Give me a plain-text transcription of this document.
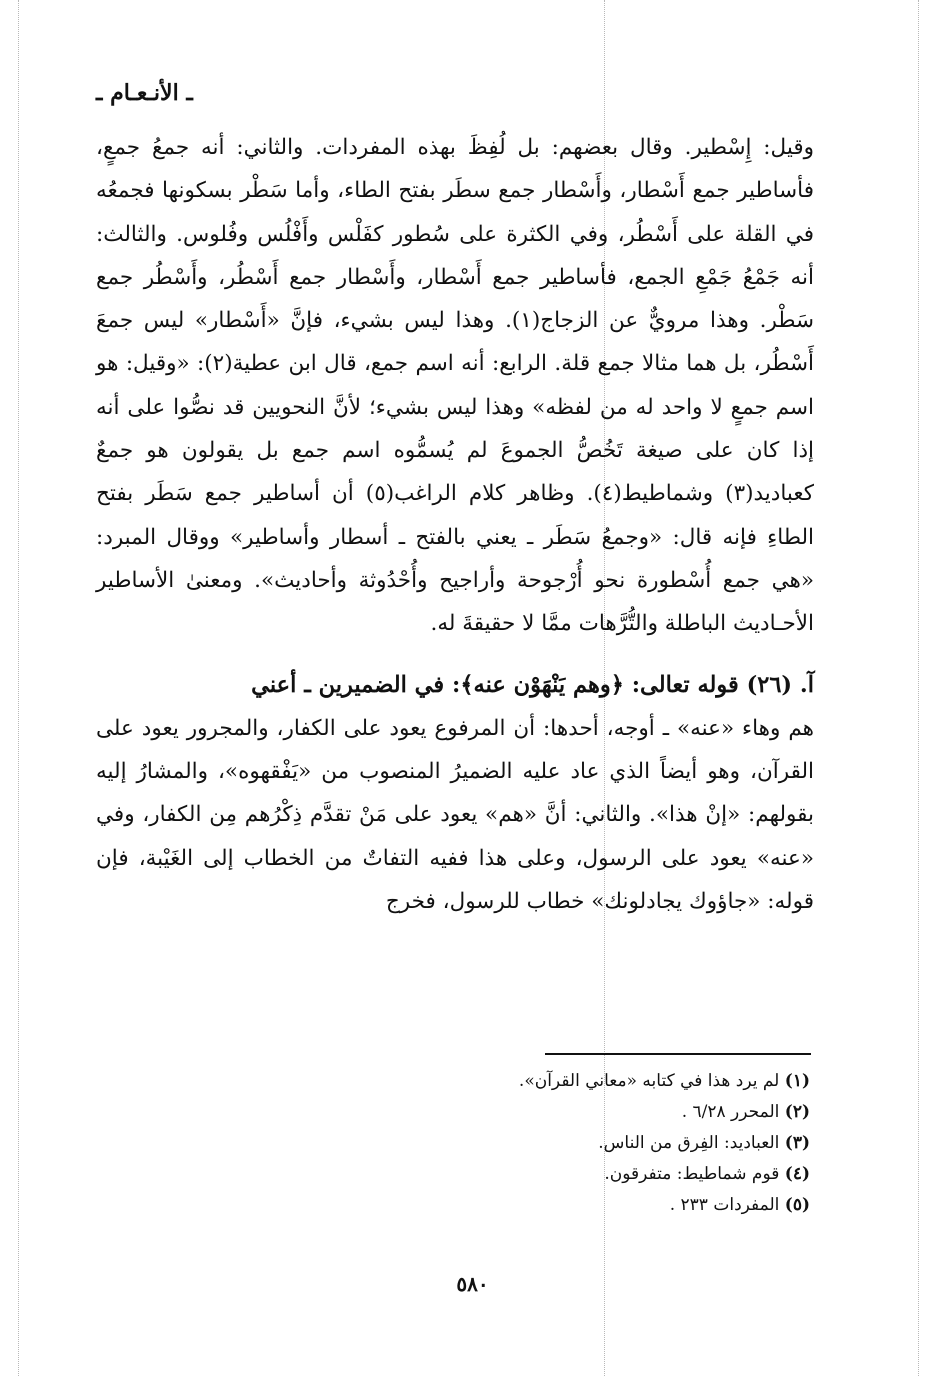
ـ الأنـعـام ـ

وقيل: إِسْطير. وقال بعضهم: بل لُفِظَ بهذه المفردات. والثاني: أنه جمعُ جمعٍ، فأساطير جمع أَسْطار، وأَسْطار جمع سطَر بفتح الطاء، وأما سَطْر بسكونها فجمعُه في القلة على أَسْطُر، وفي الكثرة على سُطور كفَلْس وأَفْلُس وفُلوس. والثالث: أنه جَمْعُ جَمْعِ الجمع، فأساطير جمع أَسْطار، وأَسْطار جمع أَسْطُر، وأَسْطُر جمع سَطْر. وهذا مرويٌّ عن الزجاج(١). وهذا ليس بشيء، فإنَّ «أَسْطار» ليس جمعَ أَسْطُر، بل هما مثالا جمع قلة. الرابع: أنه اسم جمع، قال ابن عطية(٢): «وقيل: هو اسم جمعٍ لا واحد له من لفظه» وهذا ليس بشيء؛ لأنَّ النحويين قد نصُّوا على أنه إذا كان على صيغة تَخُصُّ الجموعَ لم يُسمُّوه اسم جمع بل يقولون هو جمعٌ كعباديد(٣) وشماطيط(٤). وظاهر كلام الراغب(٥) أن أساطير جمع سَطَر بفتح الطاءِ فإنه قال: «وجمعُ سَطَر ـ يعني بالفتح ـ أسطار وأساطير» ووقال المبرد: «هي جمع أُسْطورة نحو أُرْجوحة وأراجيح وأُحْدُوثة وأحاديث». ومعنىٰ الأساطير الأحـاديث الباطلة والتُّرَّهات ممَّا لا حقيقةَ له.

آ. (٢٦) قوله تعالى: ﴿وهم يَنْهَوْن عنه﴾: في الضميرين ـ أعني

هم وهاء «عنه» ـ أوجه، أحدها: أن المرفوع يعود على الكفار، والمجرور يعود على القرآن، وهو أيضاً الذي عاد عليه الضميرُ المنصوب من «يَفْقهوه»، والمشارُ إليه بقولهم: «إنْ هذا». والثاني: أنَّ «هم» يعود على مَنْ تقدَّم ذِكْرُهم مِن الكفار، وفي «عنه» يعود على الرسول، وعلى هذا ففيه التفاتٌ من الخطاب إلى الغَيْبة، فإن قوله: «جاؤوك يجادلونك» خطاب للرسول، فخرج

(١) لم يرد هذا في كتابه «معاني القرآن».

(٢) المحرر ٦/٢٨ .

(٣) العباديد: الفِرق من الناس.

(٤) قوم شماطيط: متفرقون.

(٥) المفردات ٢٣٣ .

٥٨٠
